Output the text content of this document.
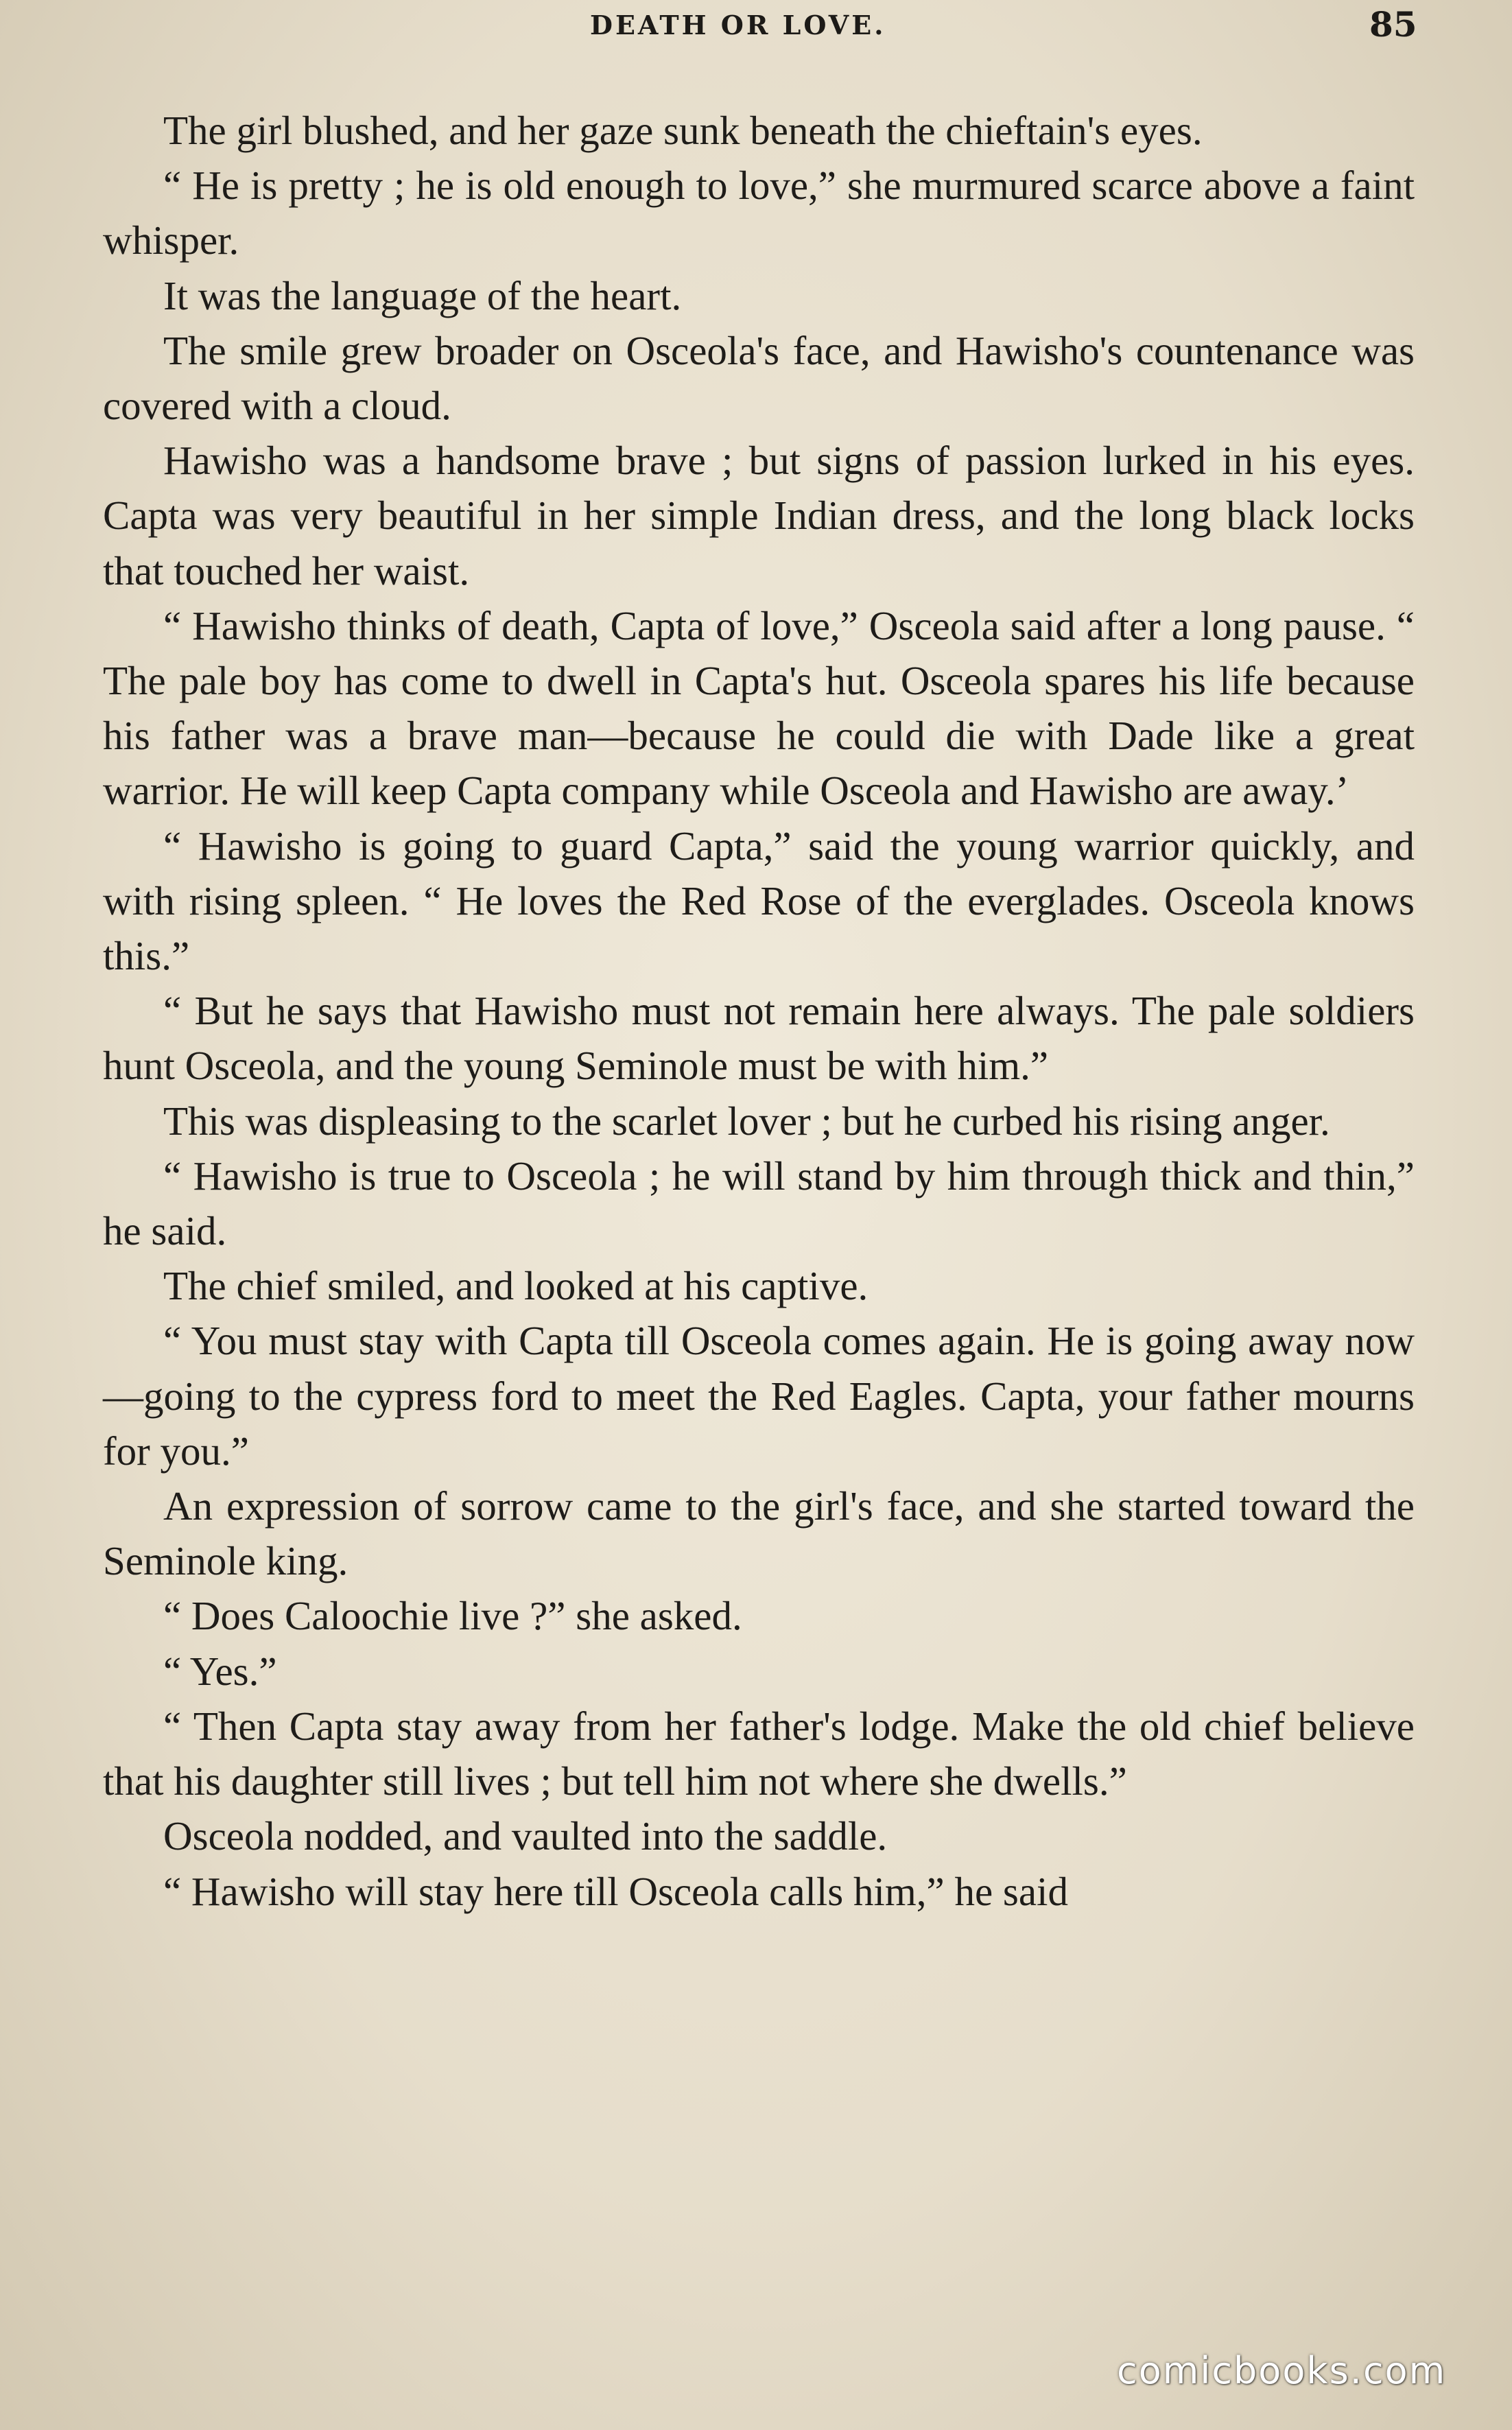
DEATH OR LOVE.	85

The girl blushed, and her gaze sunk beneath the chieftain's eyes.

“ He is pretty ; he is old enough to love,” she murmured scarce above a faint whisper.

It was the language of the heart.

The smile grew broader on Osceola's face, and Hawisho's countenance was covered with a cloud.

Hawisho was a handsome brave ; but signs of passion lurked in his eyes. Capta was very beautiful in her simple Indian dress, and the long black locks that touched her waist.

“ Hawisho thinks of death, Capta of love,” Osceola said after a long pause. “ The pale boy has come to dwell in Capta's hut. Osceola spares his life because his father was a brave man—because he could die with Dade like a great warrior. He will keep Capta company while Osceola and Hawisho are away.’

“ Hawisho is going to guard Capta,” said the young warrior quickly, and with rising spleen. “ He loves the Red Rose of the everglades. Osceola knows this.”

“ But he says that Hawisho must not remain here always. The pale soldiers hunt Osceola, and the young Seminole must be with him.”

This was displeasing to the scarlet lover ; but he curbed his rising anger.

“ Hawisho is true to Osceola ; he will stand by him through thick and thin,” he said.

The chief smiled, and looked at his captive.

“ You must stay with Capta till Osceola comes again. He is going away now—going to the cypress ford to meet the Red Eagles. Capta, your father mourns for you.”

An expression of sorrow came to the girl's face, and she started toward the Seminole king.

“ Does Caloochie live ?” she asked.

“ Yes.”

“ Then Capta stay away from her father's lodge. Make the old chief believe that his daughter still lives ; but tell him not where she dwells.”

Osceola nodded, and vaulted into the saddle.

“ Hawisho will stay here till Osceola calls him,” he said

comicbooks.com
